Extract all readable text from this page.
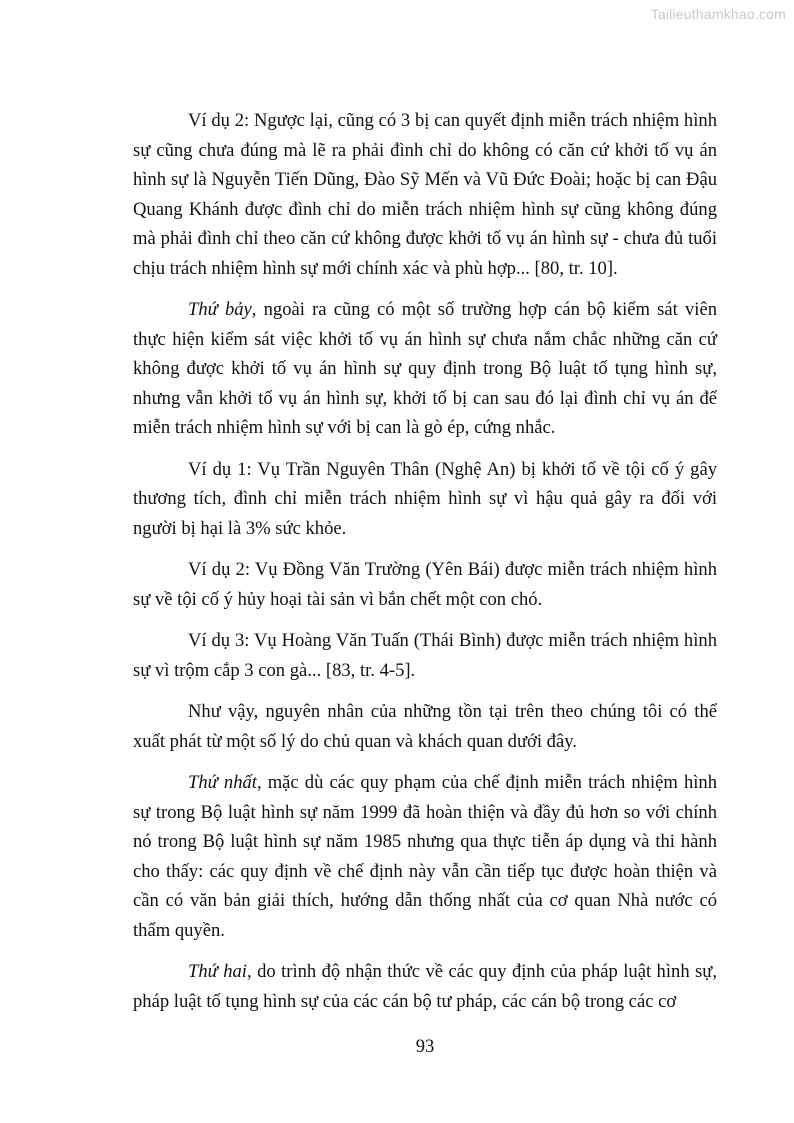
Tailieuthamkhao.com
Ví dụ 2: Ngược lại, cũng có 3 bị can quyết định miễn trách nhiệm hình
sự cũng chưa đúng mà lẽ ra phải đình chỉ do không có căn cứ khởi tố vụ án
hình sự là Nguyễn Tiến Dũng, Đào Sỹ Mến và Vũ Đức Đoài; hoặc bị can Đậu
Quang Khánh được đình chỉ do miễn trách nhiệm hình sự cũng không đúng
mà phải đình chỉ theo căn cứ không được khởi tố vụ án hình sự - chưa đủ tuổi
chịu trách nhiệm hình sự mới chính xác và phù hợp... [80, tr. 10].
Thứ bảy, ngoài ra cũng có một số trường hợp cán bộ kiểm sát viên
thực hiện kiểm sát việc khởi tố vụ án hình sự chưa nắm chắc những căn cứ
không được khởi tố vụ án hình sự quy định trong Bộ luật tố tụng hình sự,
nhưng vẫn khởi tố vụ án hình sự, khởi tố bị can sau đó lại đình chỉ vụ án để
miễn trách nhiệm hình sự với bị can là gò ép, cứng nhắc.
Ví dụ 1: Vụ Trần Nguyên Thân (Nghệ An) bị khởi tố về tội cố ý gây
thương tích, đình chỉ miễn trách nhiệm hình sự vì hậu quả gây ra đối với
người bị hại là 3% sức khỏe.
Ví dụ 2: Vụ Đồng Văn Trường (Yên Bái) được miễn trách nhiệm hình
sự về tội cố ý hủy hoại tài sản vì bắn chết một con chó.
Ví dụ 3: Vụ Hoàng Văn Tuấn (Thái Bình) được miễn trách nhiệm hình
sự vì trộm cắp 3 con gà... [83, tr. 4-5].
Như vậy, nguyên nhân của những tồn tại trên theo chúng tôi có thể
xuất phát từ một số lý do chủ quan và khách quan dưới đây.
Thứ nhất, mặc dù các quy phạm của chế định miễn trách nhiệm hình
sự trong Bộ luật hình sự năm 1999 đã hoàn thiện và đầy đủ hơn so với chính
nó trong Bộ luật hình sự năm 1985 nhưng qua thực tiễn áp dụng và thi hành
cho thấy: các quy định về chế định này vẫn cần tiếp tục được hoàn thiện và
cần có văn bản giải thích, hướng dẫn thống nhất của cơ quan Nhà nước có
thẩm quyền.
Thứ hai, do trình độ nhận thức về các quy định của pháp luật hình sự,
pháp luật tố tụng hình sự của các cán bộ tư pháp, các cán bộ trong các cơ
93
